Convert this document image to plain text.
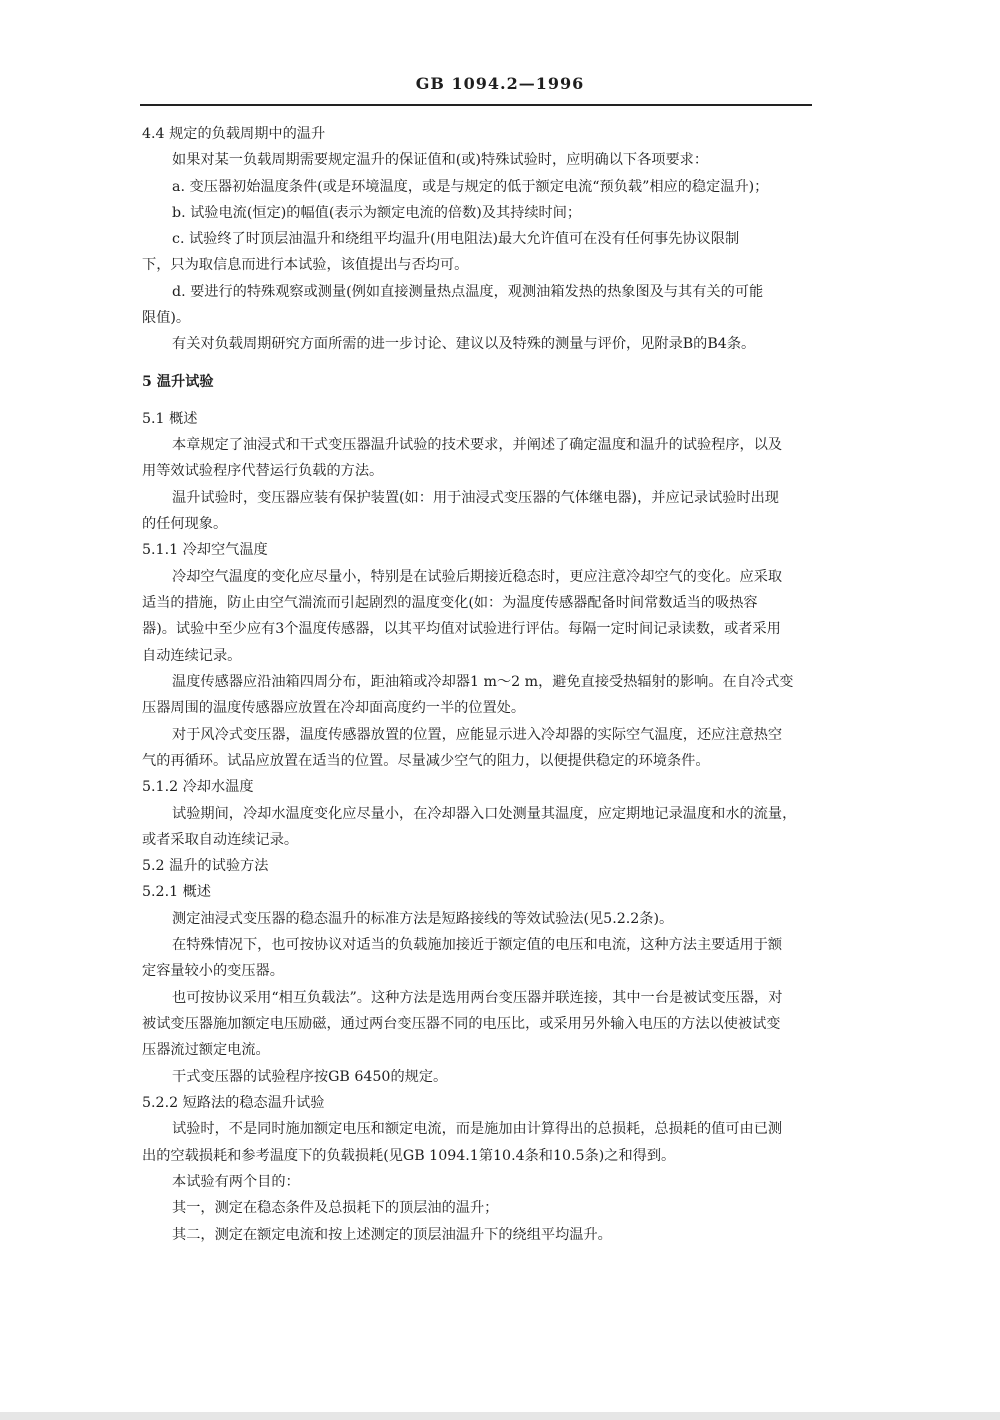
GB 1094.2—1996
4.4 规定的负载周期中的温升
如果对某一负载周期需要规定温升的保证值和(或)特殊试验时，应明确以下各项要求：
a. 变压器初始温度条件(或是环境温度，或是与规定的低于额定电流“预负载”相应的稳定温升)；
b. 试验电流(恒定)的幅值(表示为额定电流的倍数)及其持续时间；
c. 试验终了时顶层油温升和绕组平均温升(用电阻法)最大允许值可在没有任何事先协议限制
下，只为取信息而进行本试验，该值提出与否均可。
d. 要进行的特殊观察或测量(例如直接测量热点温度，观测油箱发热的热象图及与其有关的可能
限值)。
有关对负载周期研究方面所需的进一步讨论、建议以及特殊的测量与评价，见附录B的B4条。
5 温升试验
5.1 概述
本章规定了油浸式和干式变压器温升试验的技术要求，并阐述了确定温度和温升的试验程序，以及
用等效试验程序代替运行负载的方法。
温升试验时，变压器应装有保护装置(如：用于油浸式变压器的气体继电器)，并应记录试验时出现
的任何现象。
5.1.1 冷却空气温度
冷却空气温度的变化应尽量小，特别是在试验后期接近稳态时，更应注意冷却空气的变化。应采取
适当的措施，防止由空气湍流而引起剧烈的温度变化(如：为温度传感器配备时间常数适当的吸热容
器)。试验中至少应有3个温度传感器，以其平均值对试验进行评估。每隔一定时间记录读数，或者采用
自动连续记录。
温度传感器应沿油箱四周分布，距油箱或冷却器1 m～2 m，避免直接受热辐射的影响。在自冷式变
压器周围的温度传感器应放置在冷却面高度约一半的位置处。
对于风冷式变压器，温度传感器放置的位置，应能显示进入冷却器的实际空气温度，还应注意热空
气的再循环。试品应放置在适当的位置。尽量减少空气的阻力，以便提供稳定的环境条件。
5.1.2 冷却水温度
试验期间，冷却水温度变化应尽量小，在冷却器入口处测量其温度，应定期地记录温度和水的流量，
或者采取自动连续记录。
5.2 温升的试验方法
5.2.1 概述
测定油浸式变压器的稳态温升的标准方法是短路接线的等效试验法(见5.2.2条)。
在特殊情况下，也可按协议对适当的负载施加接近于额定值的电压和电流，这种方法主要适用于额
定容量较小的变压器。
也可按协议采用“相互负载法”。这种方法是选用两台变压器并联连接，其中一台是被试变压器，对
被试变压器施加额定电压励磁，通过两台变压器不同的电压比，或采用另外输入电压的方法以使被试变
压器流过额定电流。
干式变压器的试验程序按GB 6450的规定。
5.2.2 短路法的稳态温升试验
试验时，不是同时施加额定电压和额定电流，而是施加由计算得出的总损耗，总损耗的值可由已测
出的空载损耗和参考温度下的负载损耗(见GB 1094.1第10.4条和10.5条)之和得到。
本试验有两个目的：
其一，测定在稳态条件及总损耗下的顶层油的温升；
其二，测定在额定电流和按上述测定的顶层油温升下的绕组平均温升。
